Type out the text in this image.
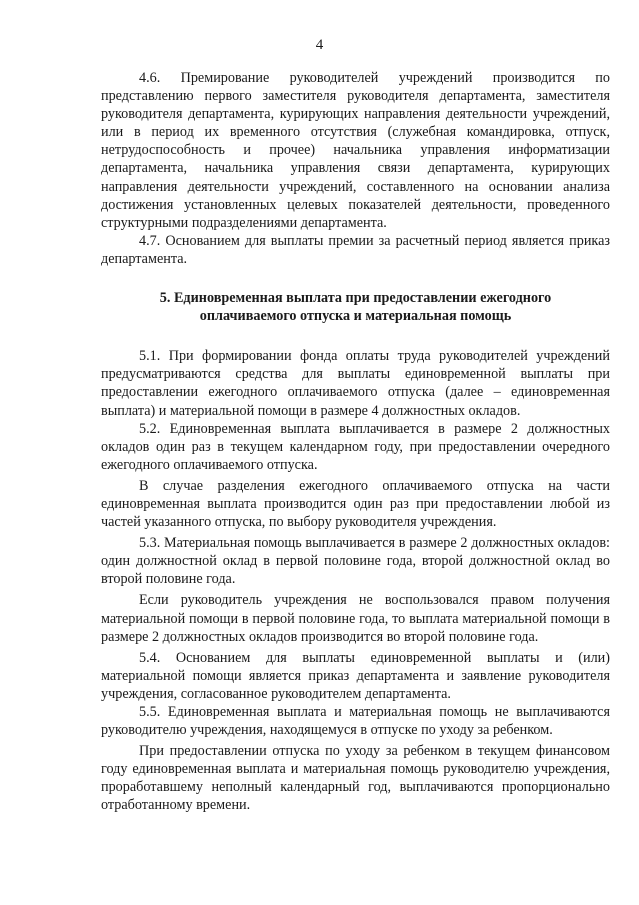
4

4.6. Премирование руководителей учреждений производится по представлению первого заместителя руководителя департамента, заместителя руководителя департамента, курирующих направления деятельности учреждений, или в период их временного отсутствия (служебная командировка, отпуск, нетрудоспособность и прочее) начальника управления информатизации департамента, начальника управления связи департамента, курирующих направления деятельности учреждений, составленного на основании анализа достижения установленных целевых показателей деятельности, проведенного структурными подразделениями департамента.

4.7. Основанием для выплаты премии за расчетный период является приказ департамента.

5. Единовременная выплата при предоставлении ежегодного
оплачиваемого отпуска и материальная помощь

5.1. При формировании фонда оплаты труда руководителей учреждений предусматриваются средства для выплаты единовременной выплаты при предоставлении ежегодного оплачиваемого отпуска (далее – единовременная выплата) и материальной помощи в размере 4 должностных окладов.

5.2. Единовременная выплата выплачивается в размере 2 должностных окладов один раз в текущем календарном году, при предоставлении очередного ежегодного оплачиваемого отпуска.

В случае разделения ежегодного оплачиваемого отпуска на части единовременная выплата производится один раз при предоставлении любой из частей указанного отпуска, по выбору руководителя учреждения.

5.3. Материальная помощь выплачивается в размере 2 должностных окладов: один должностной оклад в первой половине года, второй должностной оклад во второй половине года.

Если руководитель учреждения не воспользовался правом получения материальной помощи в первой половине года, то выплата материальной помощи в размере 2 должностных окладов производится во второй половине года.

5.4. Основанием для выплаты единовременной выплаты и (или) материальной помощи является приказ департамента и заявление руководителя учреждения, согласованное руководителем департамента.

5.5. Единовременная выплата и материальная помощь не выплачиваются руководителю учреждения, находящемуся в отпуске по уходу за ребенком.

При предоставлении отпуска по уходу за ребенком в текущем финансовом году единовременная выплата и материальная помощь руководителю учреждения, проработавшему неполный календарный год, выплачиваются пропорционально отработанному времени.
